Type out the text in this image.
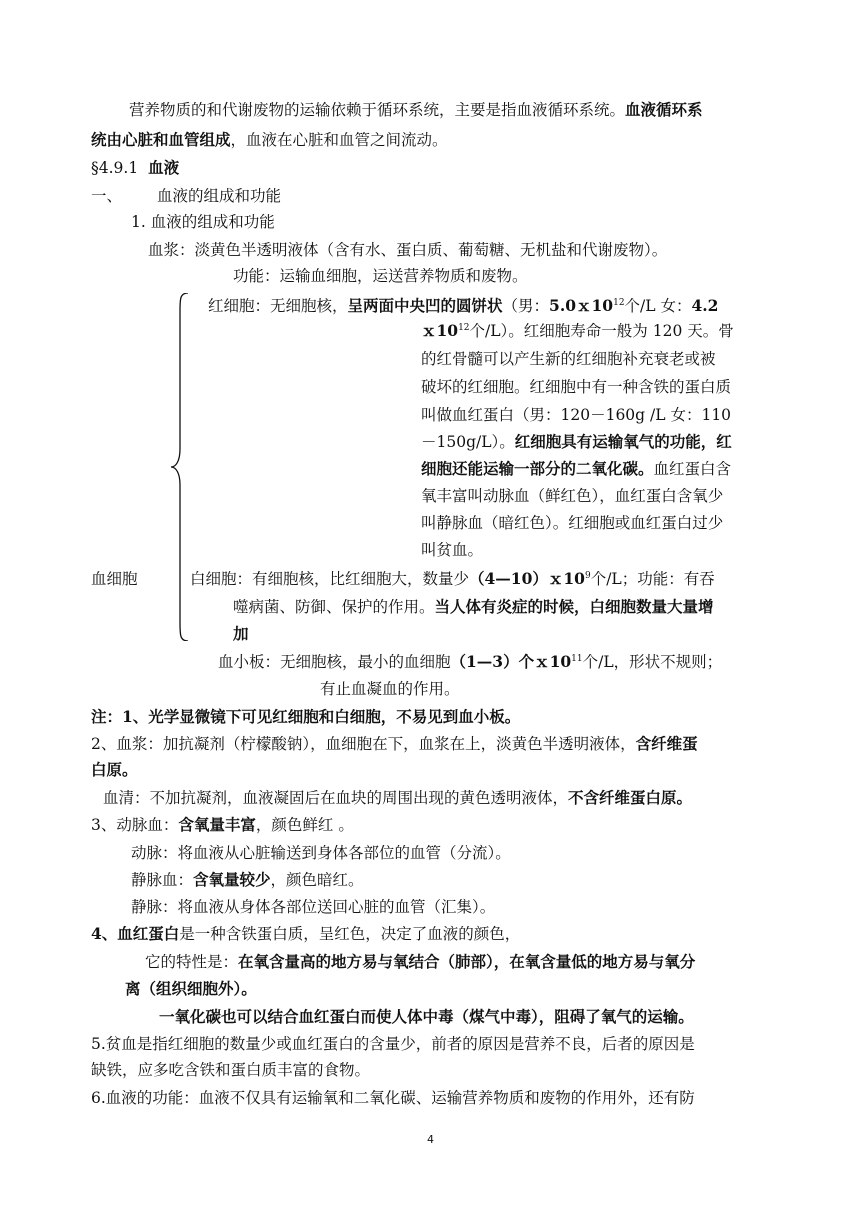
营养物质的和代谢废物的运输依赖于循环系统，主要是指血液循环系统。血液循环系
统由心脏和血管组成，血液在心脏和血管之间流动。
§4.9.1 血液
一、 血液的组成和功能
1. 血液的组成和功能
血浆：淡黄色半透明液体（含有水、蛋白质、葡萄糖、无机盐和代谢废物）。
功能：运输血细胞，运送营养物质和废物。
红细胞：无细胞核，呈两面中央凹的圆饼状（男：$5.0x10^{12}$个/L 女：4.2
$x10^{12}$个/L）。红细胞寿命一般为 120 天。骨
的红骨髓可以产生新的红细胞补充衰老或被
破坏的红细胞。红细胞中有一种含铁的蛋白质
叫做血红蛋白（男：120－160g /L 女：110
－150g/L）。红细胞具有运输氧气的功能，红
细胞还能运输一部分的二氧化碳。血红蛋白含
氧丰富叫动脉血（鲜红色），血红蛋白含氧少
叫静脉血（暗红色）。红细胞或血红蛋白过少
叫贫血。
血细胞	白细胞：有细胞核，比红细胞大，数量少$(4—10)x10^9$个/L；功能：有吞
噬病菌、防御、保护的作用。当人体有炎症的时候，白细胞数量大量增
加
血小板：无细胞核，最小的血细胞（1—3）个$x10^{11}$个/L，形状不规则；
有止血凝血的作用。
注：1、光学显微镜下可见红细胞和白细胞，不易见到血小板。
2、血浆：加抗凝剂（柠檬酸钠），血细胞在下，血浆在上，淡黄色半透明液体，含纤维蛋
白原。
血清：不加抗凝剂，血液凝固后在血块的周围出现的黄色透明液体，不含纤维蛋白原。
3、动脉血：含氧量丰富，颜色鲜红 。
动脉：将血液从心脏输送到身体各部位的血管（分流）。
静脉血：含氧量较少，颜色暗红。
静脉：将血液从身体各部位送回心脏的血管（汇集）。
4、血红蛋白是一种含铁蛋白质，呈红色，决定了血液的颜色，
它的特性是：在氧含量高的地方易与氧结合（肺部），在氧含量低的地方易与氧分
离（组织细胞外）。
一氧化碳也可以结合血红蛋白而使人体中毒（煤气中毒），阻碍了氧气的运输。
5.贫血是指红细胞的数量少或血红蛋白的含量少，前者的原因是营养不良，后者的原因是
缺铁，应多吃含铁和蛋白质丰富的食物。
6.血液的功能：血液不仅具有运输氧和二氧化碳、运输营养物质和废物的作用外，还有防
4
